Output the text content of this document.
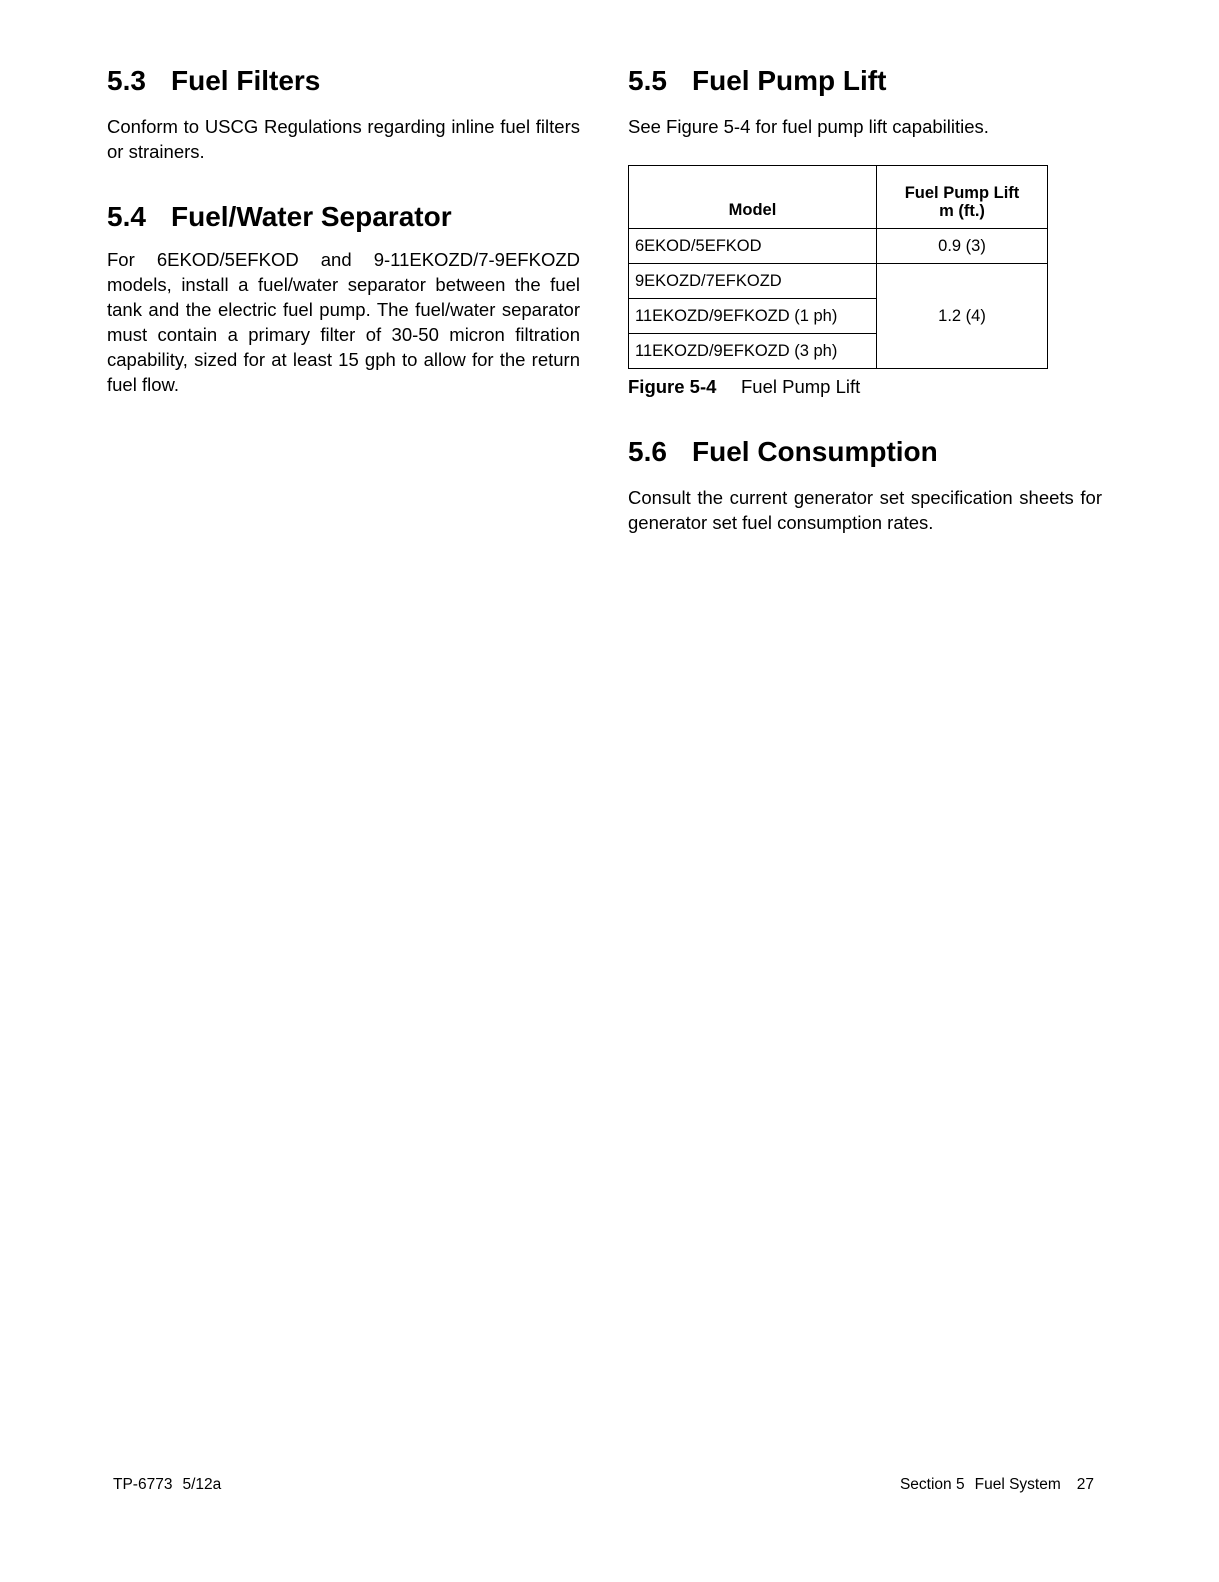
5.3 Fuel Filters

Conform to USCG Regulations regarding inline fuel filters or strainers.

5.4 Fuel/Water Separator

For 6EKOD/5EFKOD and 9-11EKOZD/7-9EFKOZD models, install a fuel/water separator between the fuel tank and the electric fuel pump. The fuel/water separator must contain a primary filter of 30-50 micron filtration capability, sized for at least 15 gph to allow for the return fuel flow.

5.5 Fuel Pump Lift

See Figure 5-4 for fuel pump lift capabilities.

Model	Fuel Pump Lift
m (ft.)
6EKOD/5EFKOD	0.9 (3)
9EKOZD/7EFKOZD	1.2 (4)
11EKOZD/9EFKOZD (1 ph)	
11EKOZD/9EFKOZD (3 ph)	
Figure 5-4 Fuel Pump Lift
5.6 Fuel Consumption

Consult the current generator set specification sheets for generator set fuel consumption rates.

TP-6773 5/12a	Section 5 Fuel System 27
